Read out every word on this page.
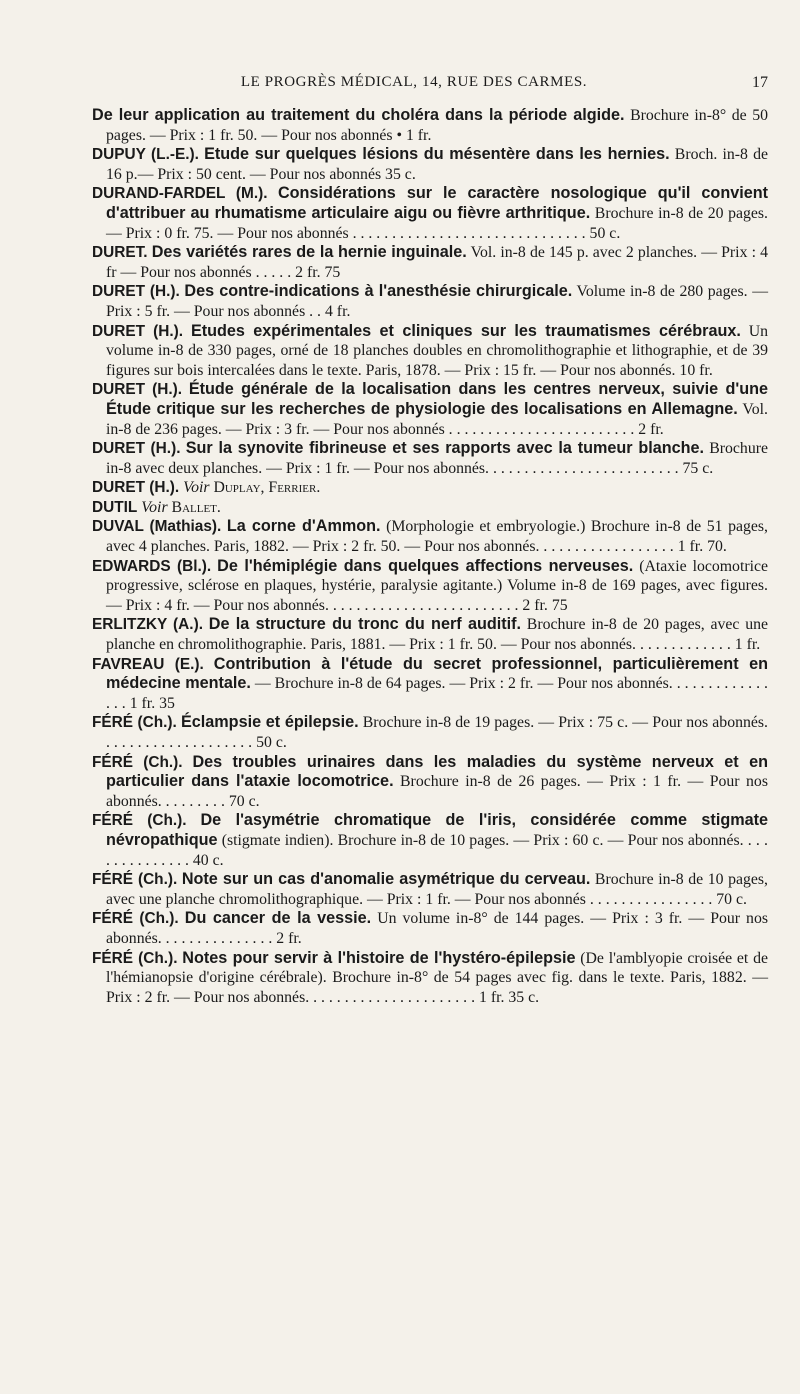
LE PROGRÈS MÉDICAL, 14, RUE DES CARMES.	17

De leur application au traitement du choléra dans la période algide. Brochure in-8° de 50 pages. — Prix : 1 fr. 50. — Pour nos abonnés • 1 fr.

DUPUY (L.-E.). Etude sur quelques lésions du mésentère dans les hernies. Broch. in-8 de 16 p.— Prix : 50 cent. — Pour nos abonnés 35 c.

DURAND-FARDEL (M.). Considérations sur le caractère nosologique qu'il convient d'attribuer au rhumatisme articulaire aigu ou fièvre arthritique. Brochure in-8 de 20 pages. — Prix : 0 fr. 75. — Pour nos abonnés . . . . . . . . . . . . . . . . . . . . . . . . . . . . . . 50 c.

DURET. Des variétés rares de la hernie inguinale. Vol. in-8 de 145 p. avec 2 planches. — Prix : 4 fr — Pour nos abonnés . . . . . 2 fr. 75

DURET (H.). Des contre-indications à l'anesthésie chirurgicale. Volume in-8 de 280 pages. — Prix : 5 fr. — Pour nos abonnés . . 4 fr.

DURET (H.). Etudes expérimentales et cliniques sur les traumatismes cérébraux. Un volume in-8 de 330 pages, orné de 18 planches doubles en chromolithographie et lithographie, et de 39 figures sur bois intercalées dans le texte. Paris, 1878. — Prix : 15 fr. — Pour nos abonnés. 10 fr.

DURET (H.). Étude générale de la localisation dans les centres nerveux, suivie d'une Étude critique sur les recherches de physiologie des localisations en Allemagne. Vol. in-8 de 236 pages. — Prix : 3 fr. — Pour nos abonnés . . . . . . . . . . . . . . . . . . . . . . . . 2 fr.

DURET (H.). Sur la synovite fibrineuse et ses rapports avec la tumeur blanche. Brochure in-8 avec deux planches. — Prix : 1 fr. — Pour nos abonnés. . . . . . . . . . . . . . . . . . . . . . . . . 75 c.

DURET (H.). Voir Duplay, Ferrier.

DUTIL Voir Ballet.

DUVAL (Mathias). La corne d'Ammon. (Morphologie et embryologie.) Brochure in-8 de 51 pages, avec 4 planches. Paris, 1882. — Prix : 2 fr. 50. — Pour nos abonnés. . . . . . . . . . . . . . . . . . 1 fr. 70.

EDWARDS (Bl.). De l'hémiplégie dans quelques affections nerveuses. (Ataxie locomotrice progressive, sclérose en plaques, hystérie, paralysie agitante.) Volume in-8 de 169 pages, avec figures. — Prix : 4 fr. — Pour nos abonnés. . . . . . . . . . . . . . . . . . . . . . . . . 2 fr. 75

ERLITZKY (A.). De la structure du tronc du nerf auditif. Brochure in-8 de 20 pages, avec une planche en chromolithographie. Paris, 1881. — Prix : 1 fr. 50. — Pour nos abonnés. . . . . . . . . . . . . 1 fr.

FAVREAU (E.). Contribution à l'étude du secret professionnel, particulièrement en médecine mentale. — Brochure in-8 de 64 pages. — Prix : 2 fr. — Pour nos abonnés. . . . . . . . . . . . . . . . 1 fr. 35

FÉRÉ (Ch.). Éclampsie et épilepsie. Brochure in-8 de 19 pages. — Prix : 75 c. — Pour nos abonnés. . . . . . . . . . . . . . . . . . . . 50 c.

FÉRÉ (Ch.). Des troubles urinaires dans les maladies du système nerveux et en particulier dans l'ataxie locomotrice. Brochure in-8 de 26 pages. — Prix : 1 fr. — Pour nos abonnés. . . . . . . . . 70 c.

FÉRÉ (Ch.). De l'asymétrie chromatique de l'iris, considérée comme stigmate névropathique (stigmate indien). Brochure in-8 de 10 pages. — Prix : 60 c. — Pour nos abonnés. . . . . . . . . . . . . . . 40 c.

FÉRÉ (Ch.). Note sur un cas d'anomalie asymétrique du cerveau. Brochure in-8 de 10 pages, avec une planche chromolithographique. — Prix : 1 fr. — Pour nos abonnés . . . . . . . . . . . . . . . . 70 c.

FÉRÉ (Ch.). Du cancer de la vessie. Un volume in-8° de 144 pages. — Prix : 3 fr. — Pour nos abonnés. . . . . . . . . . . . . . . 2 fr.

FÉRÉ (Ch.). Notes pour servir à l'histoire de l'hystéro-épilepsie (De l'amblyopie croisée et de l'hémianopsie d'origine cérébrale). Brochure in-8° de 54 pages avec fig. dans le texte. Paris, 1882. — Prix : 2 fr. — Pour nos abonnés. . . . . . . . . . . . . . . . . . . . . . 1 fr. 35 c.
